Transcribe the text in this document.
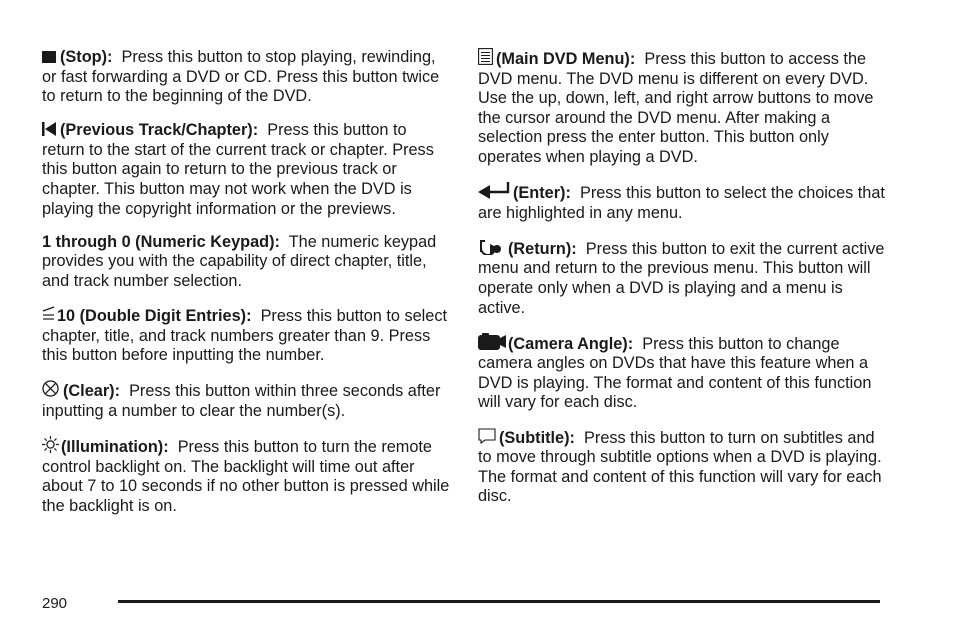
(Stop): Press this button to stop playing, rewinding, or fast forwarding a DVD or CD. Press this button twice to return to the beginning of the DVD.

(Previous Track/Chapter): Press this button to return to the start of the current track or chapter. Press this button again to return to the previous track or chapter. This button may not work when the DVD is playing the copyright information or the previews.

1 through 0 (Numeric Keypad): The numeric keypad provides you with the capability of direct chapter, title, and track number selection.

10 (Double Digit Entries): Press this button to select chapter, title, and track numbers greater than 9. Press this button before inputting the number.

(Clear): Press this button within three seconds after inputting a number to clear the number(s).

(Illumination): Press this button to turn the remote control backlight on. The backlight will time out after about 7 to 10 seconds if no other button is pressed while the backlight is on.

(Main DVD Menu): Press this button to access the DVD menu. The DVD menu is different on every DVD. Use the up, down, left, and right arrow buttons to move the cursor around the DVD menu. After making a selection press the enter button. This button only operates when playing a DVD.

(Enter): Press this button to select the choices that are highlighted in any menu.

(Return): Press this button to exit the current active menu and return to the previous menu. This button will operate only when a DVD is playing and a menu is active.

(Camera Angle): Press this button to change camera angles on DVDs that have this feature when a DVD is playing. The format and content of this function will vary for each disc.

(Subtitle): Press this button to turn on subtitles and to move through subtitle options when a DVD is playing. The format and content of this function will vary for each disc.

290
